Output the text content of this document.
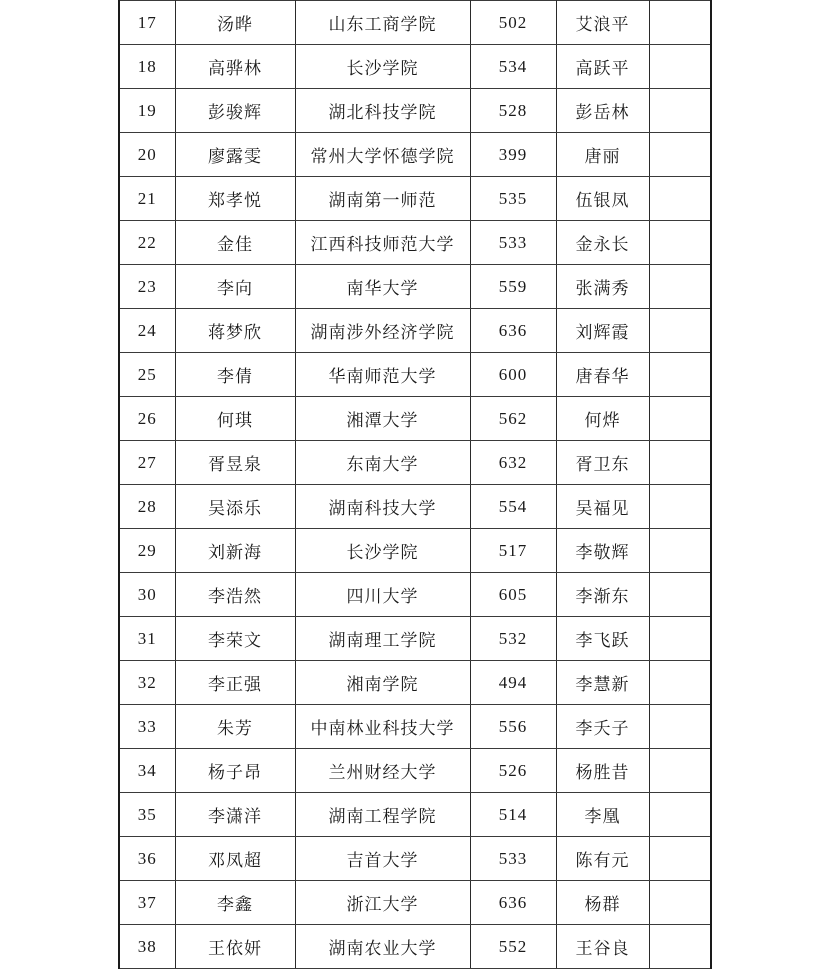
17	汤晔	山东工商学院	502	艾浪平	
18	高骅林	长沙学院	534	高跃平	
19	彭骏辉	湖北科技学院	528	彭岳林	
20	廖露雯	常州大学怀德学院	399	唐丽	
21	郑孝悦	湖南第一师范	535	伍银凤	
22	金佳	江西科技师范大学	533	金永长	
23	李向	南华大学	559	张满秀	
24	蒋梦欣	湖南涉外经济学院	636	刘辉霞	
25	李倩	华南师范大学	600	唐春华	
26	何琪	湘潭大学	562	何烨	
27	胥昱泉	东南大学	632	胥卫东	
28	吴添乐	湖南科技大学	554	吴福见	
29	刘新海	长沙学院	517	李敬辉	
30	李浩然	四川大学	605	李渐东	
31	李荣文	湖南理工学院	532	李飞跃	
32	李正强	湘南学院	494	李慧新	
33	朱芳	中南林业科技大学	556	李夭子	
34	杨子昂	兰州财经大学	526	杨胜昔	
35	李潇洋	湖南工程学院	514	李凰	
36	邓凤超	吉首大学	533	陈有元	
37	李鑫	浙江大学	636	杨群	
38	王依妍	湖南农业大学	552	王谷良	
